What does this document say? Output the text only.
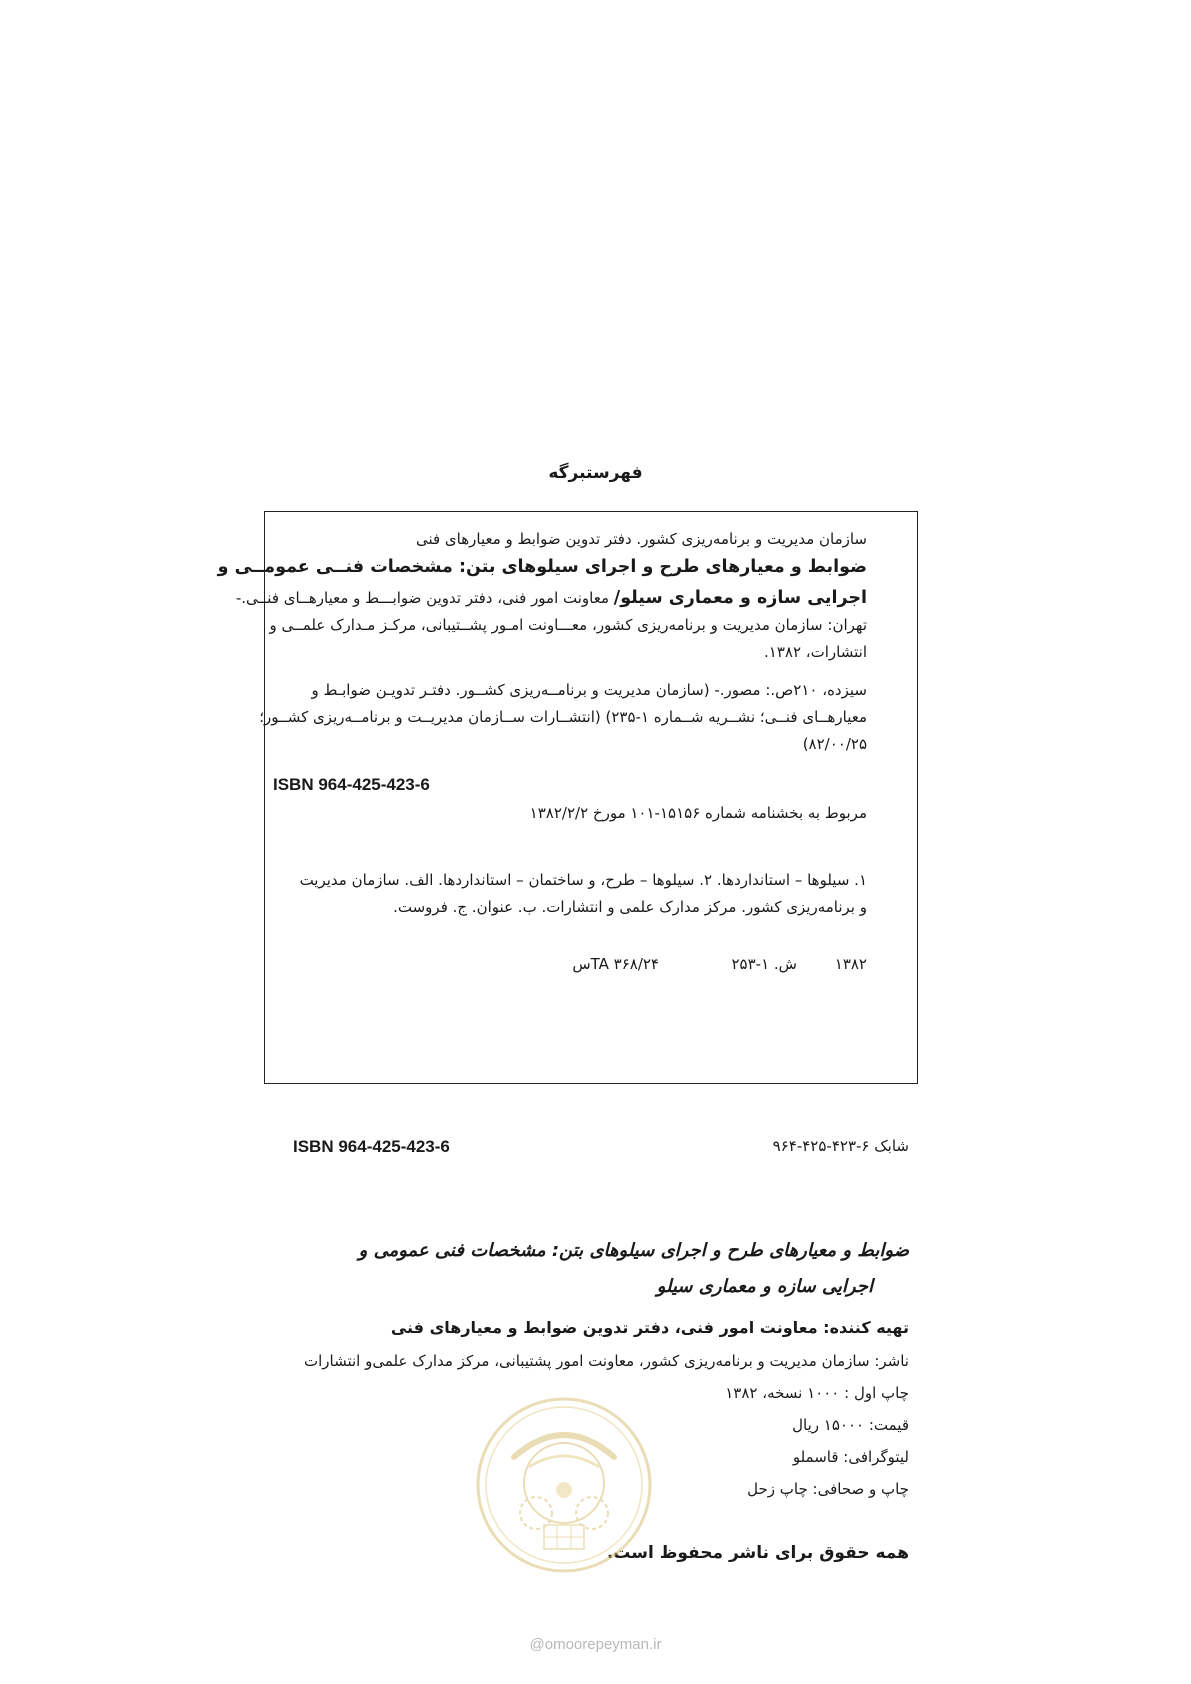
فهرستبرگه
سازمان مدیریت و برنامه‌ریزی کشور. دفتر تدوین ضوابط و معیارهای فنی
ضوابط و معیارهای طرح و اجرای سیلوهای بتن: مشخصات فنــی عمومــی و
اجرایی سازه و معماری سیلو/ معاونت امور فنی، دفتر تدوین ضوابـــط و معیارهــای فنــی.-
تهران: سازمان مدیریت و برنامه‌ریزی کشور، معـــاونت امـور پشــتیبانی، مرکـز مـدارک علمــی و
انتشارات، ۱۳۸۲.
سیزده، ۲۱۰ص.: مصور.- (سازمان مدیریت و برنامــه‌ریزی کشــور. دفتـر تدویـن ضوابـط و
معیارهــای فنــی؛ نشــریه شــماره ۱-۲۳۵) (انتشــارات ســازمان مدیریــت و برنامــه‌ریزی کشــور؛
۸۲/۰۰/۲۵)
ISBN 964-425-423-6
مربوط به بخشنامه شماره ۱۵۱۵۶-۱۰۱ مورخ ۱۳۸۲/۲/۲
۱. سیلوها – استانداردها. ۲. سیلوها – طرح، و ساختمان – استانداردها. الف. سازمان مدیریت
و برنامه‌ریزی کشور. مرکز مدارک علمی و انتشارات. ب. عنوان. ج. فروست.
۱۳۸۲
ش. ۱-۲۵۳
TA ۳۶۸/۲۴س
ISBN 964-425-423-6	شابک ۶-۴۲۳-۴۲۵-۹۶۴
ضوابط و معیارهای طرح و اجرای سیلوهای بتن: مشخصات فنی عمومی و
اجرایی سازه و معماری سیلو
تهیه کننده: معاونت امور فنی، دفتر تدوین ضوابط و معیارهای فنی
ناشر: سازمان مدیریت و برنامه‌ریزی کشور، معاونت امور پشتیبانی، مرکز مدارک علمی‌و انتشارات
چاپ اول : ۱۰۰۰ نسخه، ۱۳۸۲
قیمت: ۱۵۰۰۰ ریال
لیتوگرافی: قاسملو
چاپ و صحافی: چاپ زحل
همه حقوق برای ناشر محفوظ است.
@omoorepeyman.ir
